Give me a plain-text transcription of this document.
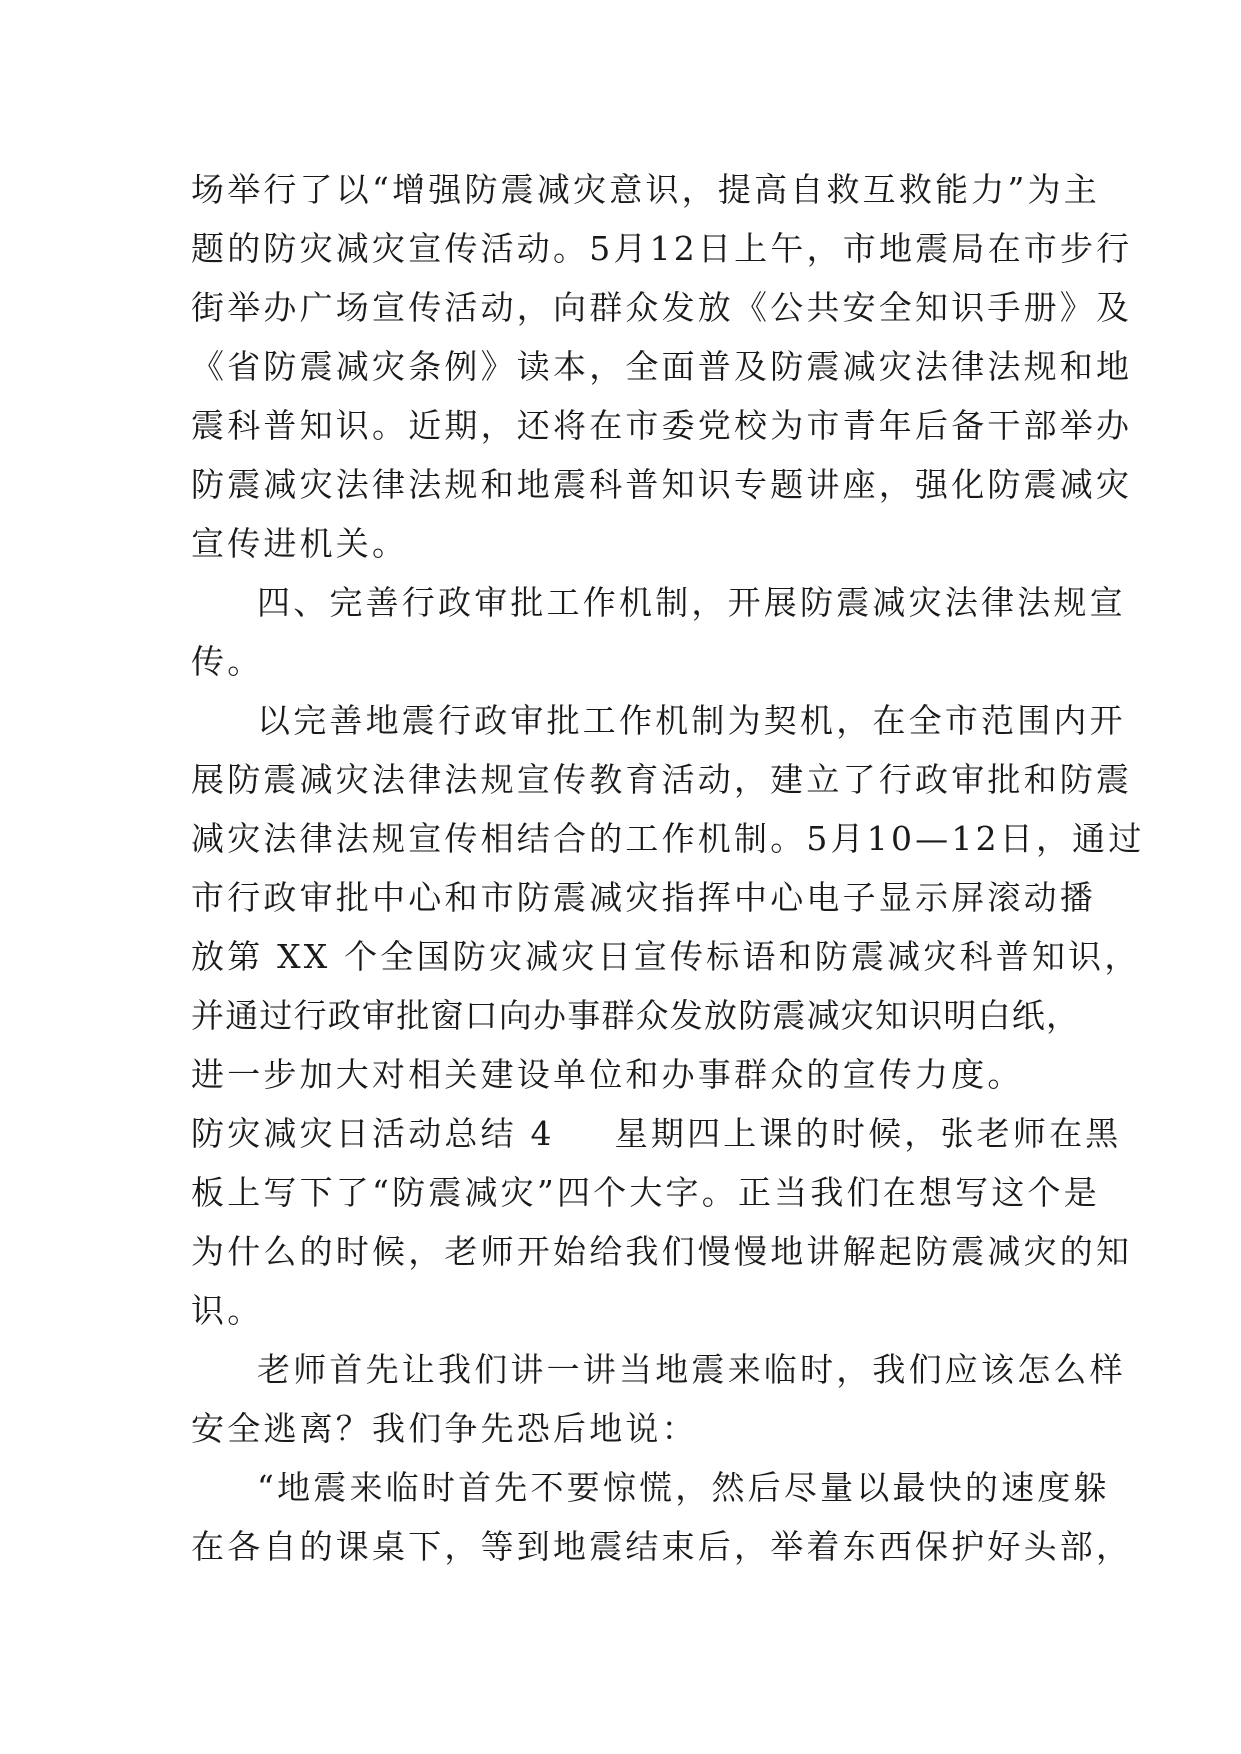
场举行了以“增强防震减灾意识，提高自救互救能力”为主
题的防灾减灾宣传活动。5月12日上午，市地震局在市步行
街举办广场宣传活动，向群众发放《公共安全知识手册》及
《省防震减灾条例》读本，全面普及防震减灾法律法规和地
震科普知识。近期，还将在市委党校为市青年后备干部举办
防震减灾法律法规和地震科普知识专题讲座，强化防震减灾
宣传进机关。
四、完善行政审批工作机制，开展防震减灾法律法规宣
传。
以完善地震行政审批工作机制为契机，在全市范围内开
展防震减灾法律法规宣传教育活动，建立了行政审批和防震
减灾法律法规宣传相结合的工作机制。5月10—12日，通过
市行政审批中心和市防震减灾指挥中心电子显示屏滚动播
放第 XX 个全国防灾减灾日宣传标语和防震减灾科普知识，
并通过行政审批窗口向办事群众发放防震减灾知识明白纸，
进一步加大对相关建设单位和办事群众的宣传力度。
防灾减灾日活动总结 4 星期四上课的时候，张老师在黑
板上写下了“防震减灾”四个大字。正当我们在想写这个是
为什么的时候，老师开始给我们慢慢地讲解起防震减灾的知
识。
老师首先让我们讲一讲当地震来临时，我们应该怎么样
安全逃离？我们争先恐后地说：
“地震来临时首先不要惊慌，然后尽量以最快的速度躲
在各自的课桌下，等到地震结束后，举着东西保护好头部，
